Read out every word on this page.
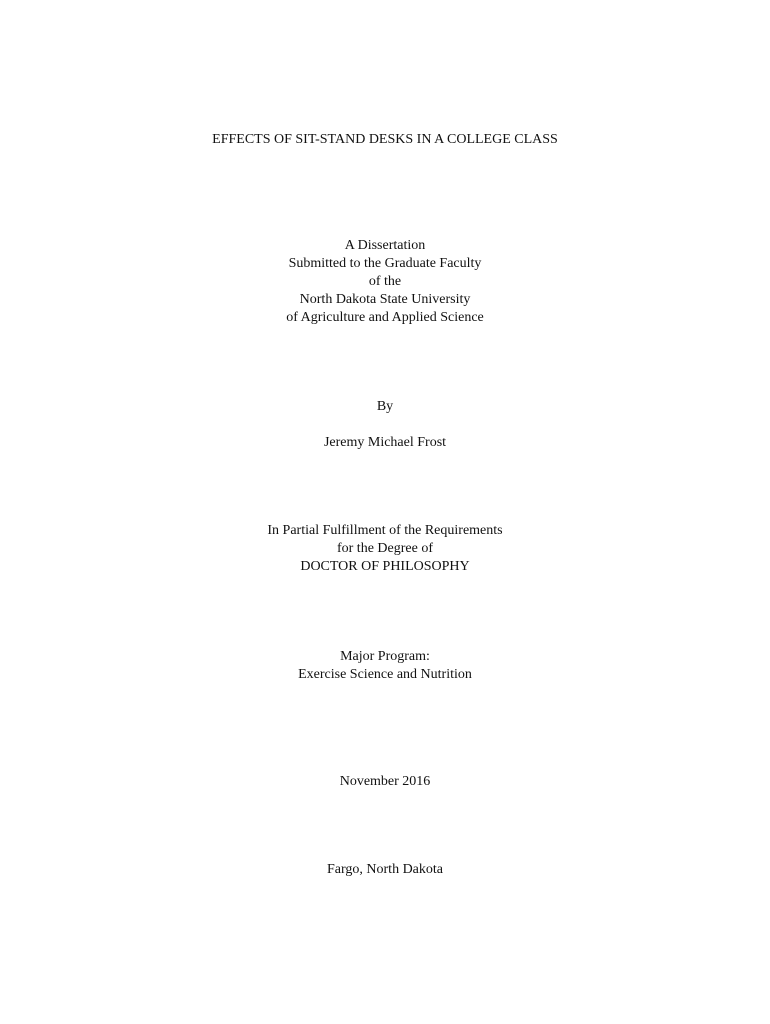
EFFECTS OF SIT-STAND DESKS IN A COLLEGE CLASS
A Dissertation
Submitted to the Graduate Faculty
of the
North Dakota State University
of Agriculture and Applied Science
By
Jeremy Michael Frost
In Partial Fulfillment of the Requirements
for the Degree of
DOCTOR OF PHILOSOPHY
Major Program:
Exercise Science and Nutrition
November 2016
Fargo, North Dakota
